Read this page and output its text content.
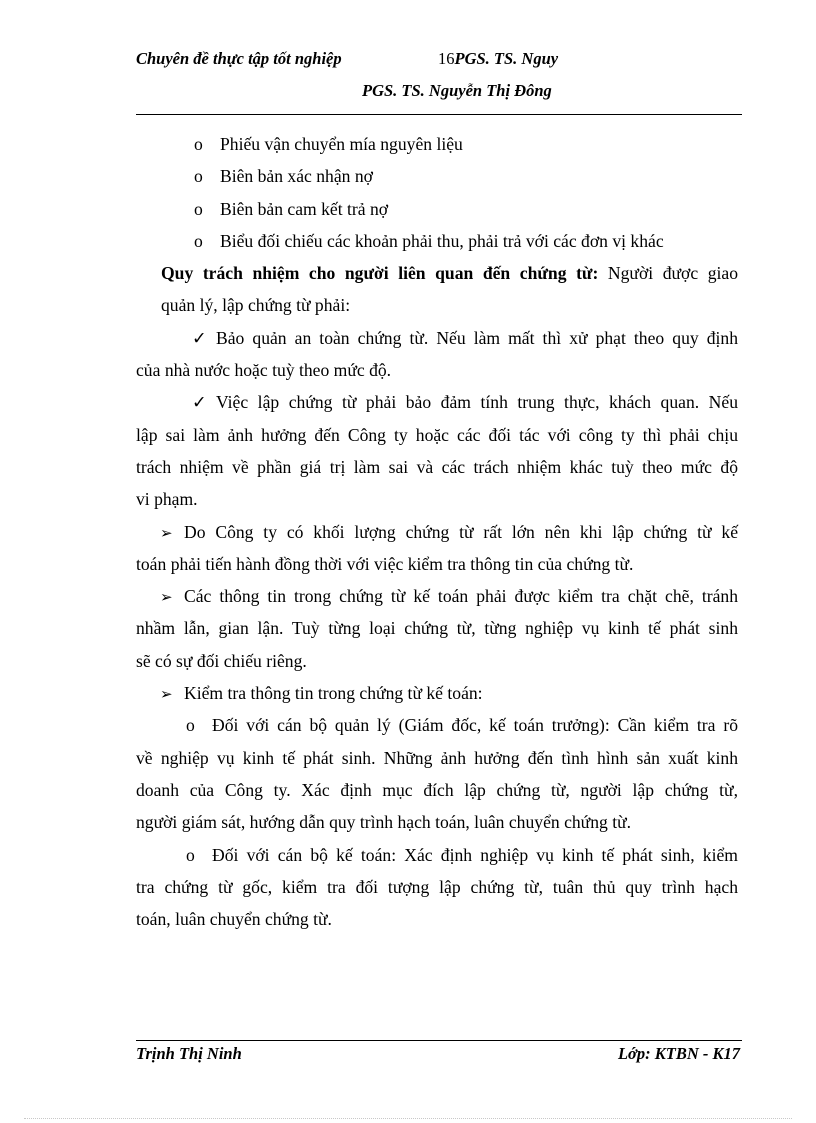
Chuyên đề thực tập tốt nghiệp	16PGS. TS. Nguy
PGS. TS. Nguyễn Thị Đông
o Phiếu vận chuyển mía nguyên liệu
o Biên bản xác nhận nợ
o Biên bản cam kết trả nợ
o Biểu đối chiếu các khoản phải thu, phải trả với các đơn vị khác
Quy trách nhiệm cho người liên quan đến chứng từ: Người được giao
quản lý, lập chứng từ phải:
✓ Bảo quản an toàn chứng từ. Nếu làm mất thì xử phạt theo quy định
của nhà nước hoặc tuỳ theo mức độ.
✓ Việc lập chứng từ phải bảo đảm tính trung thực, khách quan. Nếu
lập sai làm ảnh hưởng đến Công ty hoặc các đối tác với công ty thì phải chịu
trách nhiệm về phần giá trị làm sai và các trách nhiệm khác tuỳ theo mức độ
vi phạm.
➢ Do Công ty có khối lượng chứng từ rất lớn nên khi lập chứng từ kế
toán phải tiến hành đồng thời với việc kiểm tra thông tin của chứng từ.
➢ Các thông tin trong chứng từ kế toán phải được kiểm tra chặt chẽ, tránh
nhầm lẫn, gian lận. Tuỳ từng loại chứng từ, từng nghiệp vụ kinh tế phát sinh
sẽ có sự đối chiếu riêng.
➢ Kiểm tra thông tin trong chứng từ kế toán:
o Đối với cán bộ quản lý (Giám đốc, kế toán trưởng): Cần kiểm tra rõ
về nghiệp vụ kinh tế phát sinh. Những ảnh hưởng đến tình hình sản xuất kinh
doanh của Công ty. Xác định mục đích lập chứng từ, người lập chứng từ,
người giám sát, hướng dẫn quy trình hạch toán, luân chuyển chứng từ.
o Đối với cán bộ kế toán: Xác định nghiệp vụ kinh tế phát sinh, kiểm
tra chứng từ gốc, kiểm tra đối tượng lập chứng từ, tuân thủ quy trình hạch
toán, luân chuyển chứng từ.
Trịnh Thị Ninh	Lớp: KTBN - K17
